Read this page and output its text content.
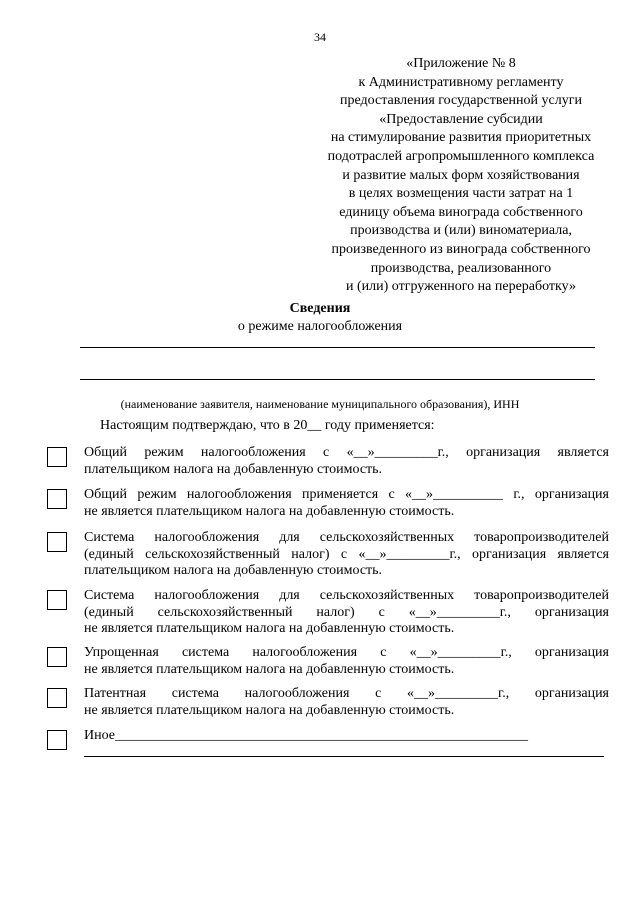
34
«Приложение № 8
к Административному регламенту
предоставления государственной услуги
«Предоставление субсидии
на стимулирование развития приоритетных
подотраслей агропромышленного комплекса
и развитие малых форм хозяйствования
в целях возмещения части затрат на 1
единицу объема винограда собственного
производства и (или) виноматериала,
произведенного из винограда собственного
производства, реализованного
и (или) отгруженного на переработку»
Сведения
о режиме налогообложения
(наименование заявителя, наименование муниципального образования), ИНН
Настоящим подтверждаю, что в 20__ году применяется:
Общий режим налогообложения с «__»_________г., организация является
плательщиком налога на добавленную стоимость.
Общий режим налогообложения применяется с «__»__________ г., организация
не является плательщиком налога на добавленную стоимость.
Система налогообложения для сельскохозяйственных товаропроизводителей
(единый сельскохозяйственный налог) с «__»_________г., организация является
плательщиком налога на добавленную стоимость.
Система налогообложения для сельскохозяйственных товаропроизводителей
(единый сельскохозяйственный налог) с «__»_________г., организация
не является плательщиком налога на добавленную стоимость.
Упрощенная система налогообложения с «__»_________г., организация
не является плательщиком налога на добавленную стоимость.
Патентная система налогообложения с «__»_________г., организация
не является плательщиком налога на добавленную стоимость.
Иное___________________________________________________________
